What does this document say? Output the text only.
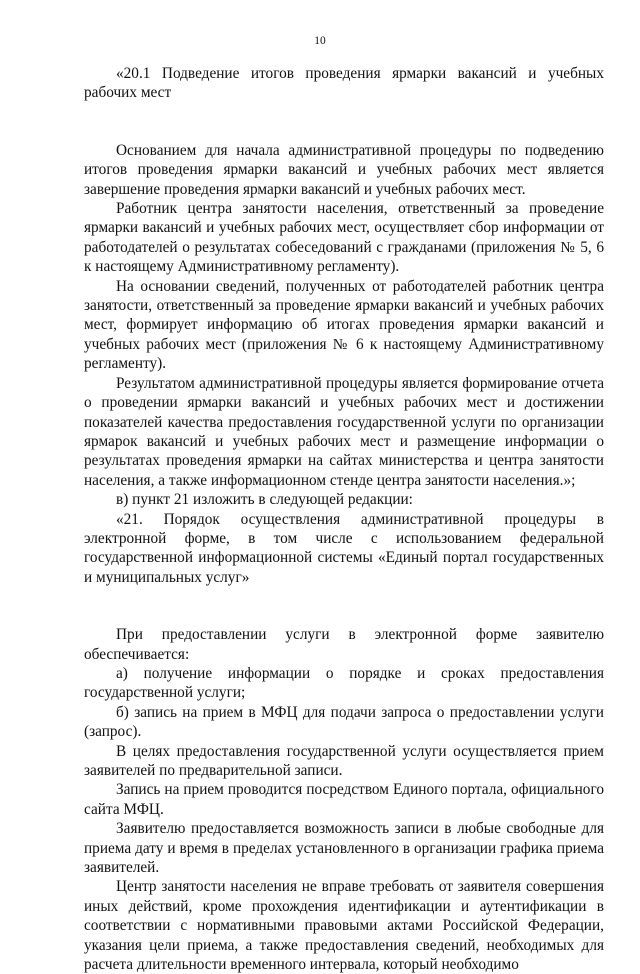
10

«20.1 Подведение итогов проведения ярмарки вакансий и учебных рабочих мест

Основанием для начала административной процедуры по подведению итогов проведения ярмарки вакансий и учебных рабочих мест является завершение проведения ярмарки вакансий и учебных рабочих мест.

Работник центра занятости населения, ответственный за проведение ярмарки вакансий и учебных рабочих мест, осуществляет сбор информации от работодателей о результатах собеседований с гражданами (приложения № 5, 6 к настоящему Административному регламенту).

На основании сведений, полученных от работодателей работник центра занятости, ответственный за проведение ярмарки вакансий и учебных рабочих мест, формирует информацию об итогах проведения ярмарки вакансий и учебных рабочих мест (приложения № 6 к настоящему Административному регламенту).

Результатом административной процедуры является формирование отчета о проведении ярмарки вакансий и учебных рабочих мест и достижении показателей качества предоставления государственной услуги по организации ярмарок вакансий и учебных рабочих мест и размещение информации о результатах проведения ярмарки на сайтах министерства и центра занятости населения, а также информационном стенде центра занятости населения.»;

в) пункт 21 изложить в следующей редакции:

«21. Порядок осуществления административной процедуры в электронной форме, в том числе с использованием федеральной государственной информационной системы «Единый портал государственных и муниципальных услуг»

При предоставлении услуги в электронной форме заявителю обеспечивается:

а) получение информации о порядке и сроках предоставления государственной услуги;

б) запись на прием в МФЦ для подачи запроса о предоставлении услуги (запрос).

В целях предоставления государственной услуги осуществляется прием заявителей по предварительной записи.

Запись на прием проводится посредством Единого портала, официального сайта МФЦ.

Заявителю предоставляется возможность записи в любые свободные для приема дату и время в пределах установленного в организации графика приема заявителей.

Центр занятости населения не вправе требовать от заявителя совершения иных действий, кроме прохождения идентификации и аутентификации в соответствии с нормативными правовыми актами Российской Федерации, указания цели приема, а также предоставления сведений, необходимых для расчета длительности временного интервала, который необходимо
